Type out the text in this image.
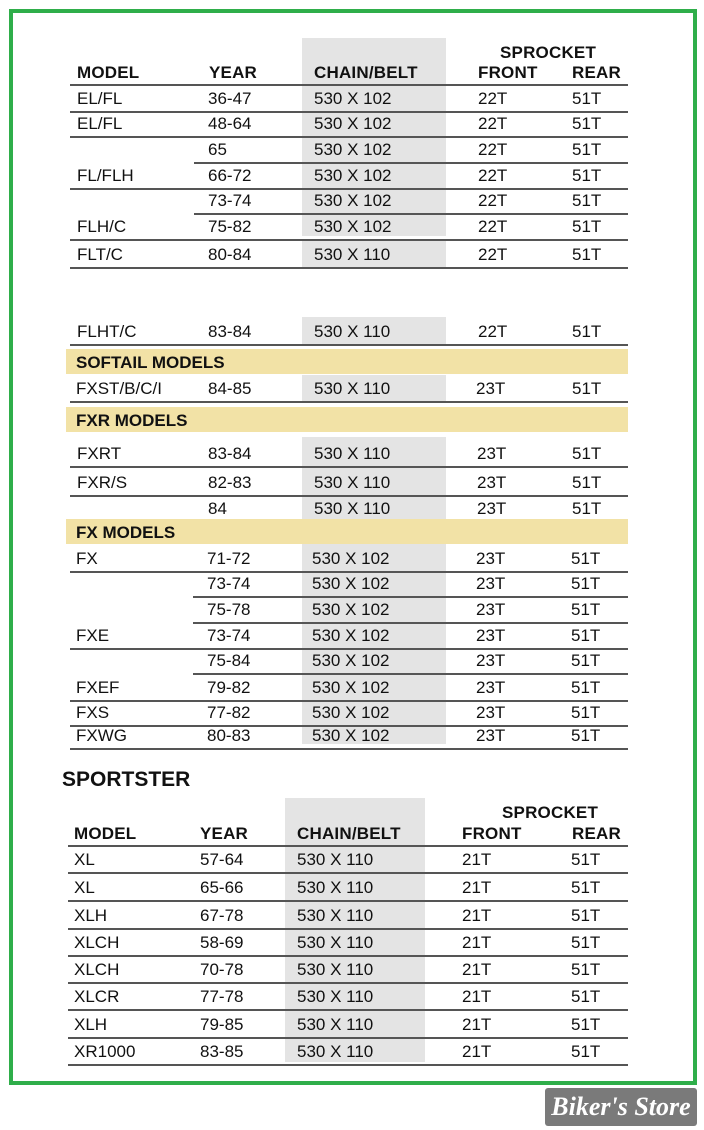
SPROCKET
MODEL	YEAR	CHAIN/BELT	FRONT REAR
EL/FL	36-47	530 X 102	22T	51T
EL/FL	48-64	530 X 102	22T	51T
65	530 X 102	22T	51T
FL/FLH	66-72	530 X 102	22T	51T
73-74	530 X 102	22T	51T
FLH/C	75-82	530 X 102	22T	51T
FLT/C	80-84	530 X 110	22T	51T
FLHT/C	83-84	530 X 110	22T	51T
SOFTAIL MODELS
FXST/B/C/I	84-85	530 X 110	23T	51T
FXR MODELS
FXRT	83-84	530 X 110	23T	51T
FXR/S	82-83	530 X 110	23T	51T
84	530 X 110	23T	51T
FX MODELS
FX	71-72	530 X 102	23T	51T
73-74	530 X 102	23T	51T
75-78	530 X 102	23T	51T
FXE	73-74	530 X 102	23T	51T
75-84	530 X 102	23T	51T
FXEF	79-82	530 X 102	23T	51T
FXS	77-82	530 X 102	23T	51T
FXWG	80-83	530 X 102	23T	51T
SPORTSTER
SPROCKET
MODEL	YEAR	CHAIN/BELT	FRONT	REAR
XL	57-64	530 X 110	21T	51T
XL	65-66	530 X 110	21T	51T
XLH	67-78	530 X 110	21T	51T
XLCH	58-69	530 X 110	21T	51T
XLCH	70-78	530 X 110	21T	51T
XLCR	77-78	530 X 110	21T	51T
XLH	79-85	530 X 110	21T	51T
XR1000	83-85	530 X 110	21T	51T
Biker's Store
